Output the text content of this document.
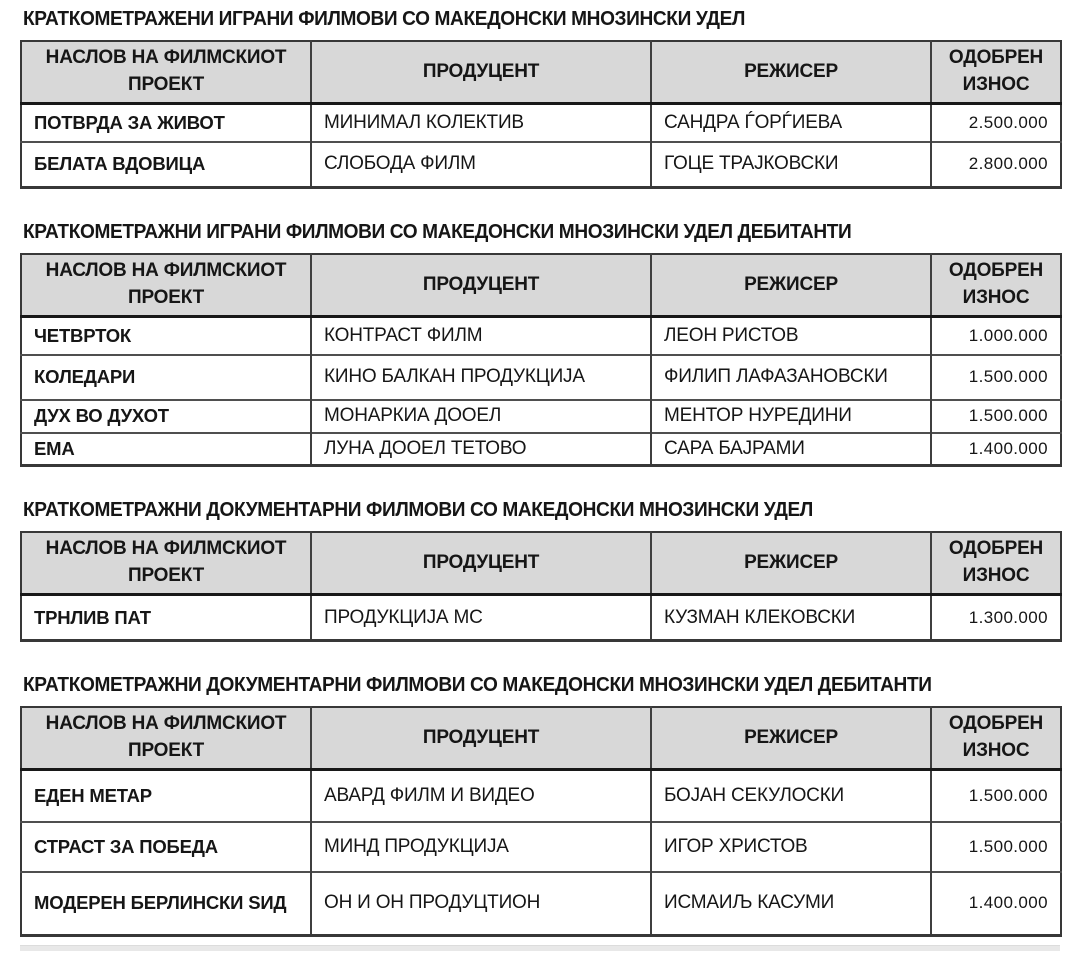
КРАТКОМЕТРАЖЕНИ ИГРАНИ ФИЛМОВИ СО МАКЕДОНСКИ МНОЗИНСКИ УДЕЛ
НАСЛОВ НА ФИЛМСКИОТ ПРОЕКТ	ПРОДУЦЕНТ	РЕЖИСЕР	ОДОБРЕН ИЗНОС
ПОТВРДА ЗА ЖИВОТ	МИНИМАЛ КОЛЕКТИВ	САНДРА ЃОРЃИЕВА	2.500.000
БЕЛАТА ВДОВИЦА	СЛОБОДА ФИЛМ	ГОЦЕ ТРАЈКОВСКИ	2.800.000
КРАТКОМЕТРАЖНИ ИГРАНИ ФИЛМОВИ СО МАКЕДОНСКИ МНОЗИНСКИ УДЕЛ ДЕБИТАНТИ
НАСЛОВ НА ФИЛМСКИОТ ПРОЕКТ	ПРОДУЦЕНТ	РЕЖИСЕР	ОДОБРЕН ИЗНОС
ЧЕТВРТОК	КОНТРАСТ ФИЛМ	ЛЕОН РИСТОВ	1.000.000
КОЛЕДАРИ	КИНО БАЛКАН ПРОДУКЦИЈА	ФИЛИП ЛАФАЗАНОВСКИ	1.500.000
ДУХ ВО ДУХОТ	МОНАРКИА ДООЕЛ	МЕНТОР НУРЕДИНИ	1.500.000
ЕМА	ЛУНА ДООЕЛ ТЕТОВО	САРА БАЈРАМИ	1.400.000
КРАТКОМЕТРАЖНИ ДОКУМЕНТАРНИ ФИЛМОВИ СО МАКЕДОНСКИ МНОЗИНСКИ УДЕЛ
НАСЛОВ НА ФИЛМСКИОТ ПРОЕКТ	ПРОДУЦЕНТ	РЕЖИСЕР	ОДОБРЕН ИЗНОС
ТРНЛИВ ПАТ	ПРОДУКЦИЈА МС	КУЗМАН КЛЕКОВСКИ	1.300.000
КРАТКОМЕТРАЖНИ ДОКУМЕНТАРНИ ФИЛМОВИ СО МАКЕДОНСКИ МНОЗИНСКИ УДЕЛ ДЕБИТАНТИ
НАСЛОВ НА ФИЛМСКИОТ ПРОЕКТ	ПРОДУЦЕНТ	РЕЖИСЕР	ОДОБРЕН ИЗНОС
ЕДЕН МЕТАР	АВАРД ФИЛМ И ВИДЕО	БОЈАН СЕКУЛОСКИ	1.500.000
СТРАСТ ЗА ПОБЕДА	МИНД ПРОДУКЦИЈА	ИГОР ХРИСТОВ	1.500.000
МОДЕРЕН БЕРЛИНСКИ ЅИД	ОН И ОН ПРОДУЦТИОН	ИСМАИЉ КАСУМИ	1.400.000
